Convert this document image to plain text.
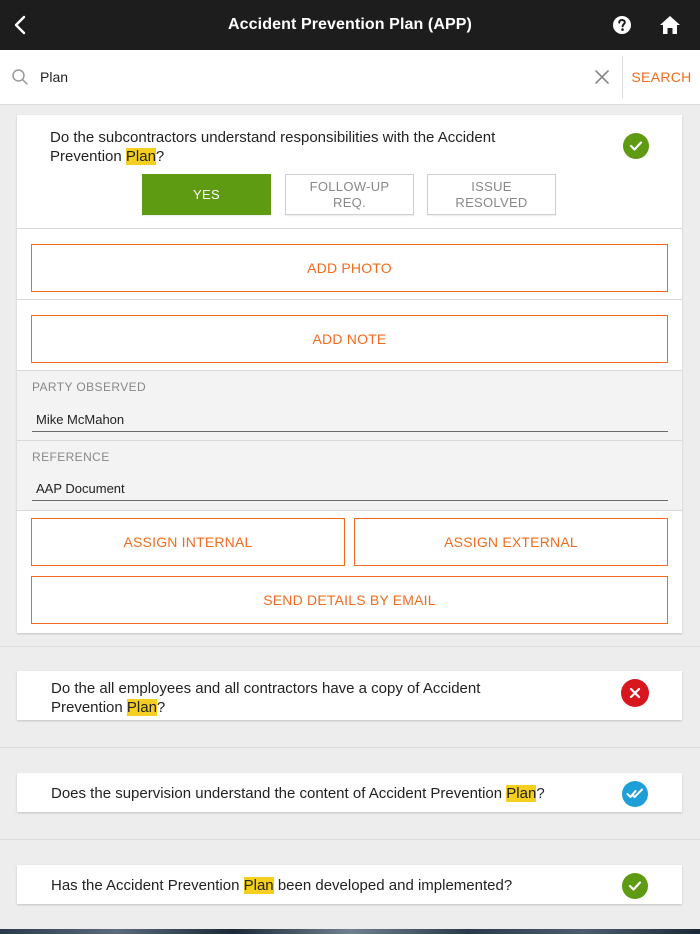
Accident Prevention Plan (APP)
Plan
SEARCH
Do the subcontractors understand responsibilities with the Accident Prevention Plan?
YES
FOLLOW-UP
REQ.
ISSUE
RESOLVED
ADD PHOTO
ADD NOTE
PARTY OBSERVED
Mike McMahon
REFERENCE
AAP Document
ASSIGN INTERNAL	ASSIGN EXTERNAL
SEND DETAILS BY EMAIL
Do the all employees and all contractors have a copy of Accident Prevention Plan?
Does the supervision understand the content of Accident Prevention Plan?
Has the Accident Prevention Plan been developed and implemented?
